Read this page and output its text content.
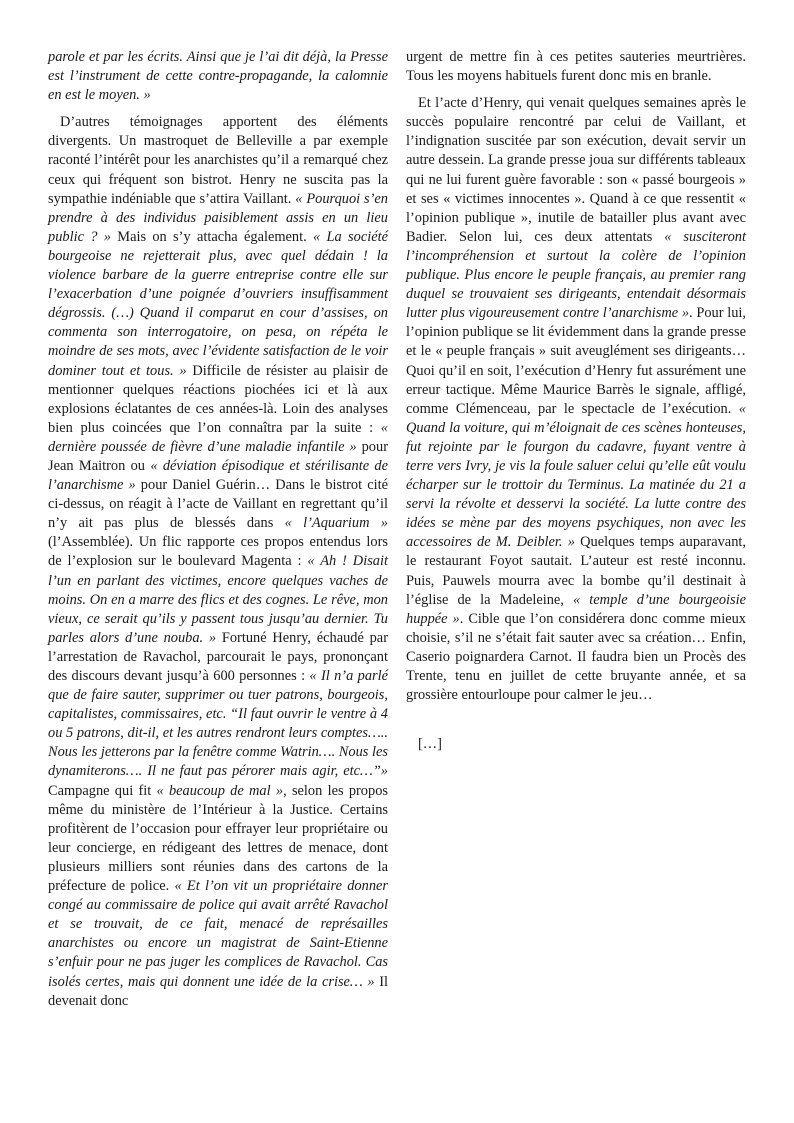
parole et par les écrits. Ainsi que je l’ai dit déjà, la Presse est l’instrument de cette contre-propagande, la calomnie en est le moyen. »

D’autres témoignages apportent des éléments divergents. Un mastroquet de Belleville a par exemple raconté l’intérêt pour les anarchistes qu’il a remarqué chez ceux qui fréquent son bistrot. Henry ne suscita pas la sympathie indéniable que s’attira Vaillant. « Pourquoi s’en prendre à des individus paisiblement assis en un lieu public ? » Mais on s’y attacha également. « La société bourgeoise ne rejetterait plus, avec quel dédain ! la violence barbare de la guerre entreprise contre elle sur l’exacerbation d’une poignée d’ouvriers insuffisamment dégrossis. (…) Quand il comparut en cour d’assises, on commenta son interrogatoire, on pesa, on répéta le moindre de ses mots, avec l’évidente satisfaction de le voir dominer tout et tous. » Difficile de résister au plaisir de mentionner quelques réactions piochées ici et là aux explosions éclatantes de ces années-là. Loin des analyses bien plus coincées que l’on connaîtra par la suite : « dernière poussée de fièvre d’une maladie infantile » pour Jean Maitron ou « déviation épisodique et stérilisante de l’anarchisme » pour Daniel Guérin… Dans le bistrot cité ci-dessus, on réagit à l’acte de Vaillant en regrettant qu’il n’y ait pas plus de blessés dans « l’Aquarium » (l’Assemblée). Un flic rapporte ces propos entendus lors de l’explosion sur le boulevard Magenta : « Ah ! Disait l’un en parlant des victimes, encore quelques vaches de moins. On en a marre des flics et des cognes. Le rêve, mon vieux, ce serait qu’ils y passent tous jusqu’au dernier. Tu parles alors d’une nouba. » Fortuné Henry, échaudé par l’arrestation de Ravachol, parcourait le pays, prononçant des discours devant jusqu’à 600 personnes : « Il n’a parlé que de faire sauter, supprimer ou tuer patrons, bourgeois, capitalistes, commissaires, etc. “Il faut ouvrir le ventre à 4 ou 5 patrons, dit-il, et les autres rendront leurs comptes….. Nous les jetterons par la fenêtre comme Watrin…. Nous les dynamiterons…. Il ne faut pas pérorer mais agir, etc…”» Campagne qui fit « beaucoup de mal », selon les propos même du ministère de l’Intérieur à la Justice. Certains profitèrent de l’occasion pour effrayer leur propriétaire ou leur concierge, en rédigeant des lettres de menace, dont plusieurs milliers sont réunies dans des cartons de la préfecture de police. « Et l’on vit un propriétaire donner congé au commissaire de police qui avait arrêté Ravachol et se trouvait, de ce fait, menacé de représailles anarchistes ou encore un magistrat de Saint-Etienne s’enfuir pour ne pas juger les complices de Ravachol. Cas isolés certes, mais qui donnent une idée de la crise… » Il devenait donc

urgent de mettre fin à ces petites sauteries meurtrières. Tous les moyens habituels furent donc mis en branle.

Et l’acte d’Henry, qui venait quelques semaines après le succès populaire rencontré par celui de Vaillant, et l’indignation suscitée par son exécution, devait servir un autre dessein. La grande presse joua sur différents tableaux qui ne lui furent guère favorable : son « passé bourgeois » et ses « victimes innocentes ». Quand à ce que ressentit « l’opinion publique », inutile de batailler plus avant avec Badier. Selon lui, ces deux attentats « susciteront l’incompréhension et surtout la colère de l’opinion publique. Plus encore le peuple français, au premier rang duquel se trouvaient ses dirigeants, entendait désormais lutter plus vigoureusement contre l’anarchisme ». Pour lui, l’opinion publique se lit évidemment dans la grande presse et le « peuple français » suit aveuglément ses dirigeants… Quoi qu’il en soit, l’exécution d’Henry fut assurément une erreur tactique. Même Maurice Barrès le signale, affligé, comme Clémenceau, par le spectacle de l’exécution. « Quand la voiture, qui m’éloignait de ces scènes honteuses, fut rejointe par le fourgon du cadavre, fuyant ventre à terre vers Ivry, je vis la foule saluer celui qu’elle eût voulu écharper sur le trottoir du Terminus. La matinée du 21 a servi la révolte et desservi la société. La lutte contre des idées se mène par des moyens psychiques, non avec les accessoires de M. Deibler. » Quelques temps auparavant, le restaurant Foyot sautait. L’auteur est resté inconnu. Puis, Pauwels mourra avec la bombe qu’il destinait à l’église de la Madeleine, « temple d’une bourgeoisie huppée ». Cible que l’on considérera donc comme mieux choisie, s’il ne s’était fait sauter avec sa création… Enfin, Caserio poignardera Carnot. Il faudra bien un Procès des Trente, tenu en juillet de cette bruyante année, et sa grossière entourloupe pour calmer le jeu…

[…]
